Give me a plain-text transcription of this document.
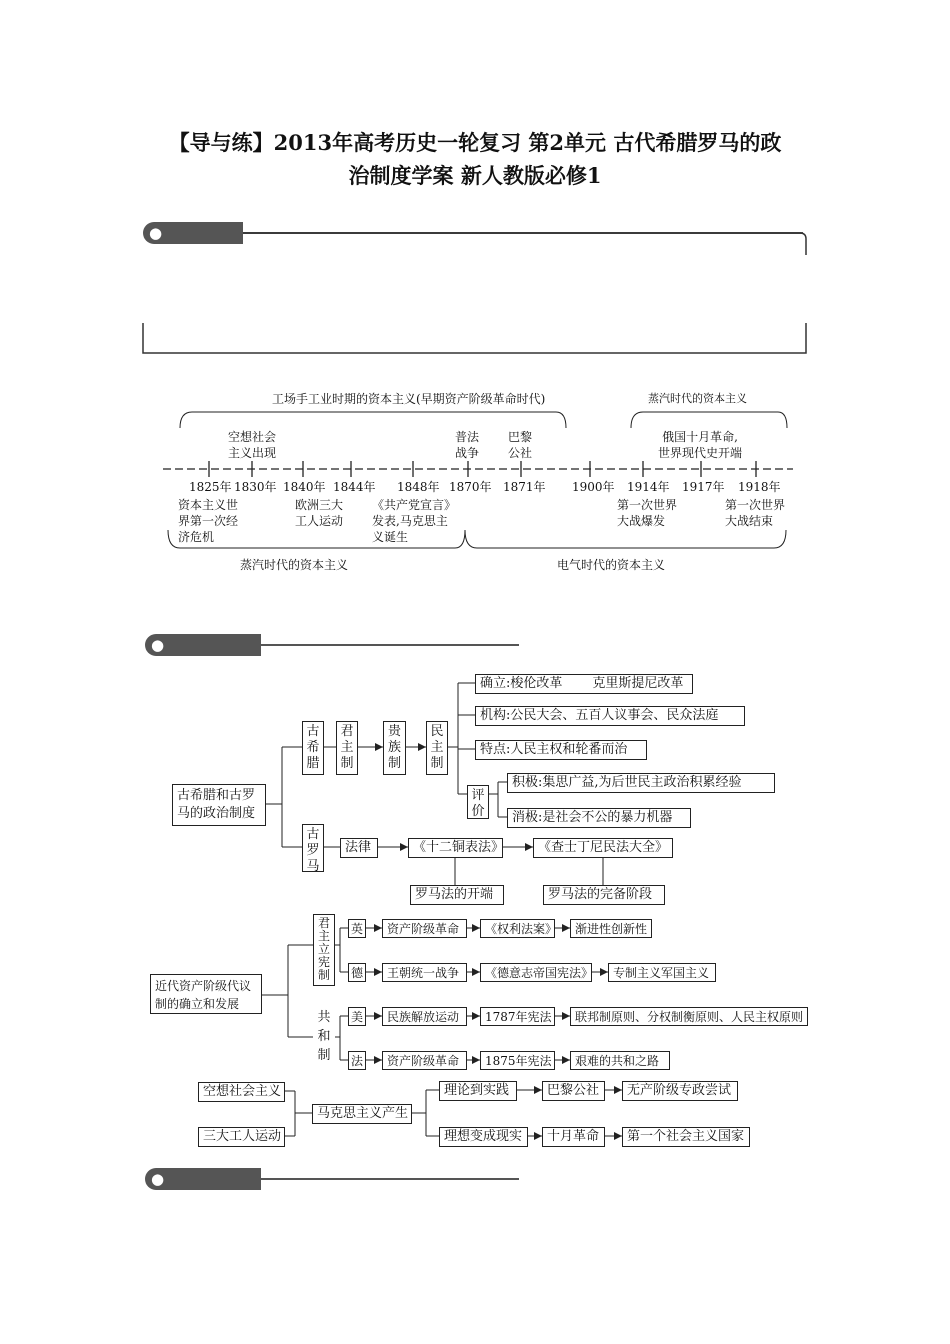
【导与练】2013年高考历史一轮复习 第2单元 古代希腊罗马的政
治制度学案 新人教版必修1
●时空定位
工场手工业时期的资本主义(早期资产阶级革命时代)	蒸汽时代的资本主义
空想社会
主义出现
普法
战争
巴黎
公社
俄国十月革命,
世界现代史开端
1825年 1830年 1840年 1844年 1848年 1870年 1871年 1900年 1914年 1917年 1918年
资本主义世
界第一次经
济危机
欧洲三大
工人运动
《共产党宣言》
发表,马克思主
义诞生
第一次世界
大战爆发
第一次世界
大战结束
蒸汽时代的资本主义	电气时代的资本主义
●框架结构
古希腊和古罗
马的政治制度
古
希
腊
君
主
制
贵
族
制
民
主
制
确立:梭伦改革 克里斯提尼改革
机构:公民大会、五百人议事会、民众法庭
特点:人民主权和轮番而治
评
价
积极:集思广益,为后世民主政治积累经验
消极:是社会不公的暴力机器
古
罗
马
法律	《十二铜表法》	《查士丁尼民法大全》
罗马法的开端	罗马法的完备阶段
近代资产阶级代议
制的确立和发展
君
主
立
宪
制
共
和
制
英	资产阶级革命	《权利法案》	渐进性创新性
德	王朝统一战争	《德意志帝国宪法》	专制主义军国主义
美	民族解放运动	1787年宪法	联邦制原则、分权制衡原则、人民主权原则
法	资产阶级革命	1875年宪法	艰难的共和之路
空想社会主义
三大工人运动
马克思主义产生
理论到实践	巴黎公社	无产阶级专政尝试
理想变成现实	十月革命	第一个社会主义国家
●专题连线
